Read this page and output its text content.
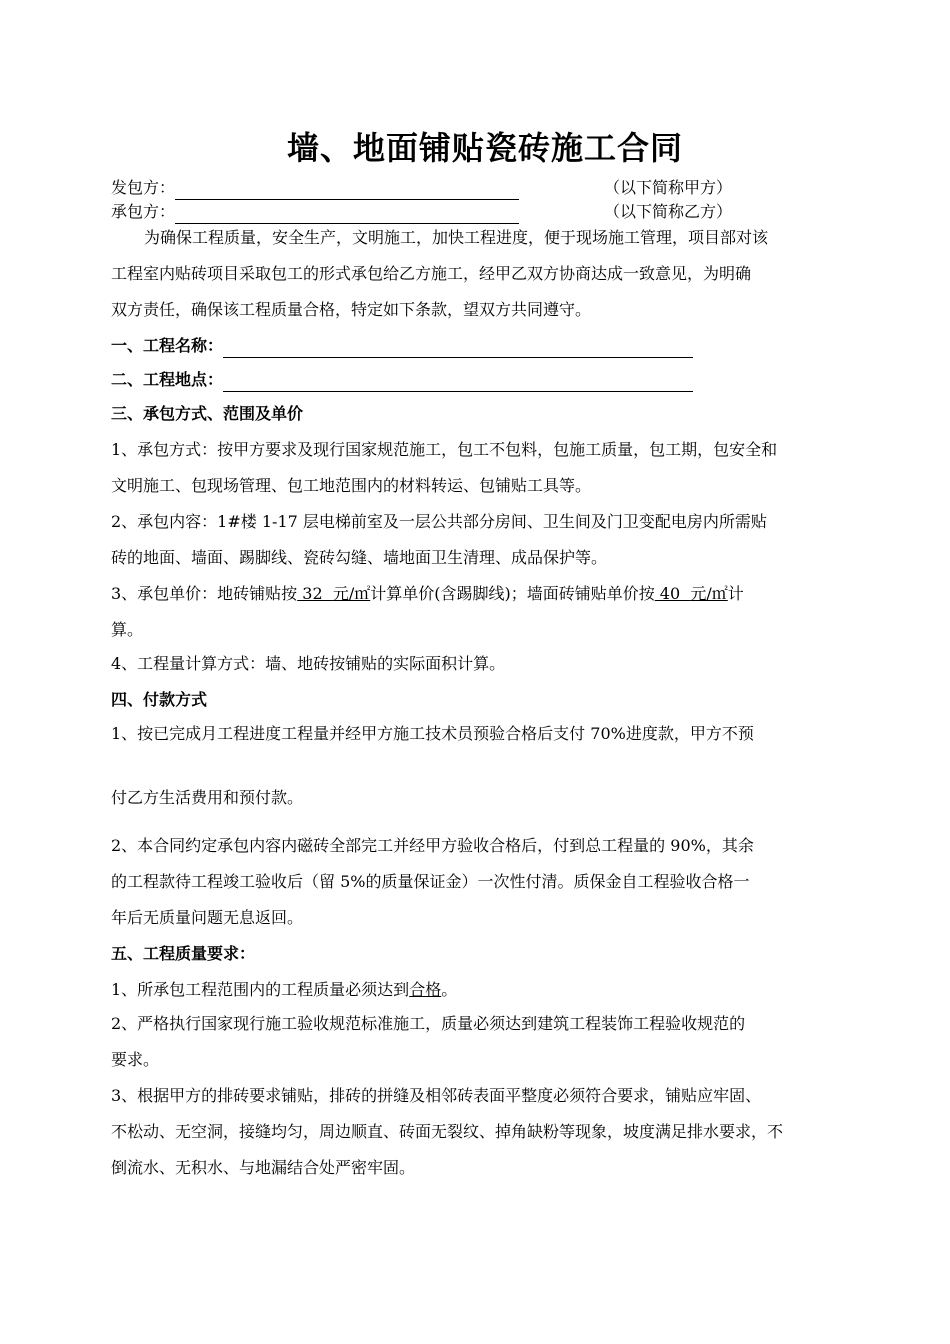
墙、地面铺贴瓷砖施工合同
发包方：	（以下简称甲方）
承包方：	（以下简称乙方）
为确保工程质量，安全生产，文明施工，加快工程进度，便于现场施工管理，项目部对该
工程室内贴砖项目采取包工的形式承包给乙方施工，经甲乙双方协商达成一致意见，为明确
双方责任，确保该工程质量合格，特定如下条款，望双方共同遵守。
一、工程名称：
二、工程地点：
三、承包方式、范围及单价
1、承包方式：按甲方要求及现行国家规范施工，包工不包料，包施工质量，包工期，包安全和
文明施工、包现场管理、包工地范围内的材料转运、包铺贴工具等。
2、承包内容：1#楼 1-17 层电梯前室及一层公共部分房间、卫生间及门卫变配电房内所需贴
砖的地面、墙面、踢脚线、瓷砖勾缝、墙地面卫生清理、成品保护等。
3、承包单价：地砖铺贴按 32  元/㎡计算单价(含踢脚线)；墙面砖铺贴单价按 40  元/㎡计
算。
4、工程量计算方式：墙、地砖按铺贴的实际面积计算。
四、付款方式
1、按已完成月工程进度工程量并经甲方施工技术员预验合格后支付 70%进度款，甲方不预
付乙方生活费用和预付款。
2、本合同约定承包内容内磁砖全部完工并经甲方验收合格后，付到总工程量的 90%，其余
的工程款待工程竣工验收后（留 5%的质量保证金）一次性付清。质保金自工程验收合格一
年后无质量问题无息返回。
五、工程质量要求：
1、所承包工程范围内的工程质量必须达到合格。
2、严格执行国家现行施工验收规范标准施工，质量必须达到建筑工程装饰工程验收规范的
要求。
3、根据甲方的排砖要求铺贴，排砖的拼缝及相邻砖表面平整度必须符合要求，铺贴应牢固、
不松动、无空洞，接缝均匀，周边顺直、砖面无裂纹、掉角缺粉等现象，坡度满足排水要求，不
倒流水、无积水、与地漏结合处严密牢固。
